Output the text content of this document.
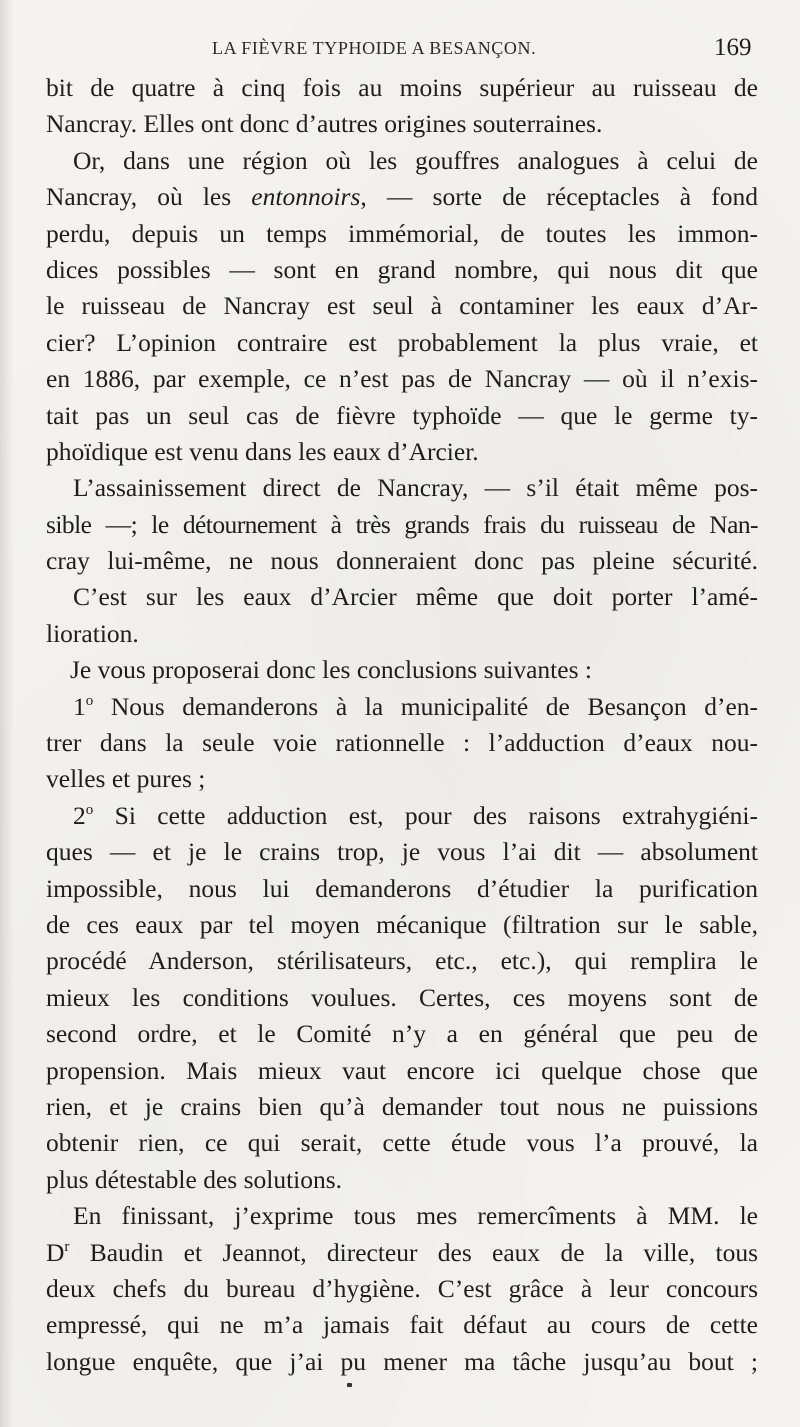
LA FIÈVRE TYPHOIDE A BESANÇON.	169
bit de quatre à cinq fois au moins supérieur au ruisseau de
Nancray. Elles ont donc d’autres origines souterraines.
Or, dans une région où les gouffres analogues à celui de
Nancray, où les entonnoirs, — sorte de réceptacles à fond
perdu, depuis un temps immémorial, de toutes les immon-
dices possibles — sont en grand nombre, qui nous dit que
le ruisseau de Nancray est seul à contaminer les eaux d’Ar-
cier? L’opinion contraire est probablement la plus vraie, et
en 1886, par exemple, ce n’est pas de Nancray — où il n’exis-
tait pas un seul cas de fièvre typhoïde — que le germe ty-
phoïdique est venu dans les eaux d’Arcier.
L’assainissement direct de Nancray, — s’il était même pos-
sible —; le détournement à très grands frais du ruisseau de Nan-
cray lui-même, ne nous donneraient donc pas pleine sécurité.
C’est sur les eaux d’Arcier même que doit porter l’amé-
lioration.
Je vous proposerai donc les conclusions suivantes :
1$^o$ Nous demanderons à la municipalité de Besançon d’en-
trer dans la seule voie rationnelle : l’adduction d’eaux nou-
velles et pures ;
2$^o$ Si cette adduction est, pour des raisons extrahygiéni-
ques — et je le crains trop, je vous l’ai dit — absolument
impossible, nous lui demanderons d’étudier la purification
de ces eaux par tel moyen mécanique (filtration sur le sable,
procédé Anderson, stérilisateurs, etc., etc.), qui remplira le
mieux les conditions voulues. Certes, ces moyens sont de
second ordre, et le Comité n’y a en général que peu de
propension. Mais mieux vaut encore ici quelque chose que
rien, et je crains bien qu’à demander tout nous ne puissions
obtenir rien, ce qui serait, cette étude vous l’a prouvé, la
plus détestable des solutions.
En finissant, j’exprime tous mes remercîments à MM. le
$D^r$ Baudin et Jeannot, directeur des eaux de la ville, tous
deux chefs du bureau d’hygiène. C’est grâce à leur concours
empressé, qui ne m’a jamais fait défaut au cours de cette
longue enquête, que j’ai pu mener ma tâche jusqu’au bout ;
